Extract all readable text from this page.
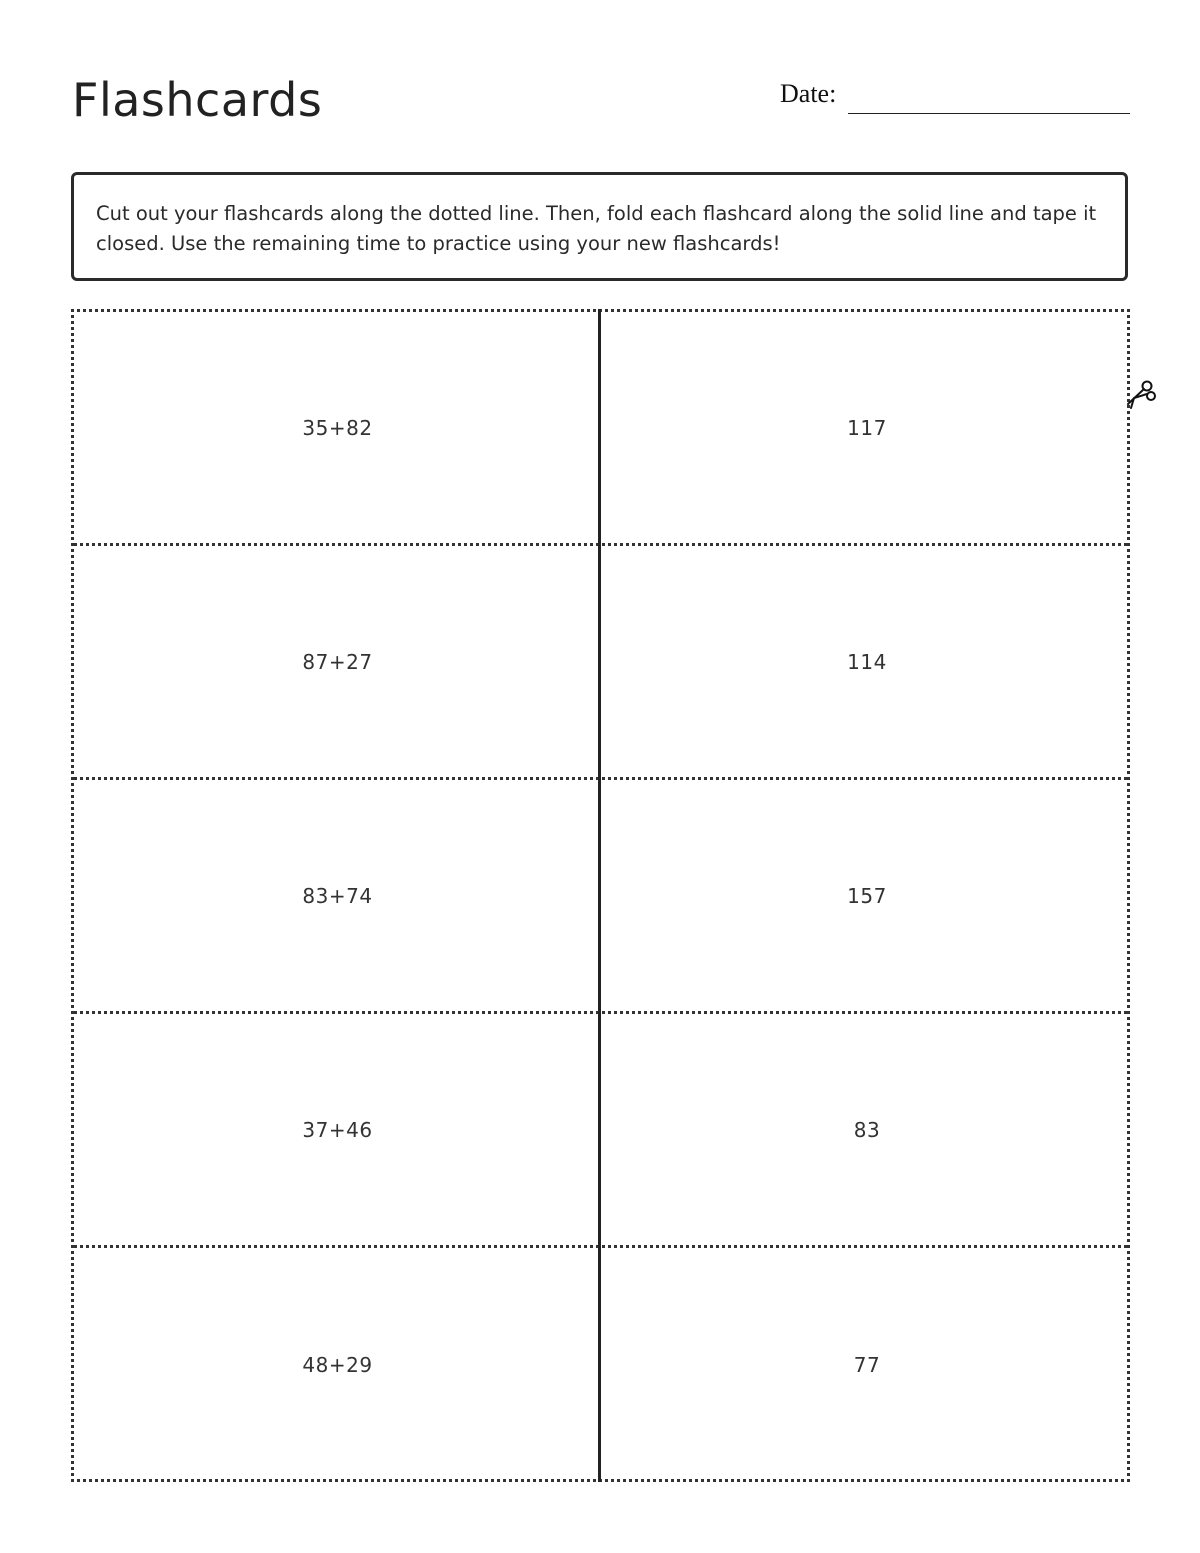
Flashcards	Date:
Cut out your flashcards along the dotted line. Then, fold each flashcard along the solid line and tape it closed. Use the remaining time to practice using your new flashcards!
35+82	117
87+27	114
83+74	157
37+46	83
48+29	77
